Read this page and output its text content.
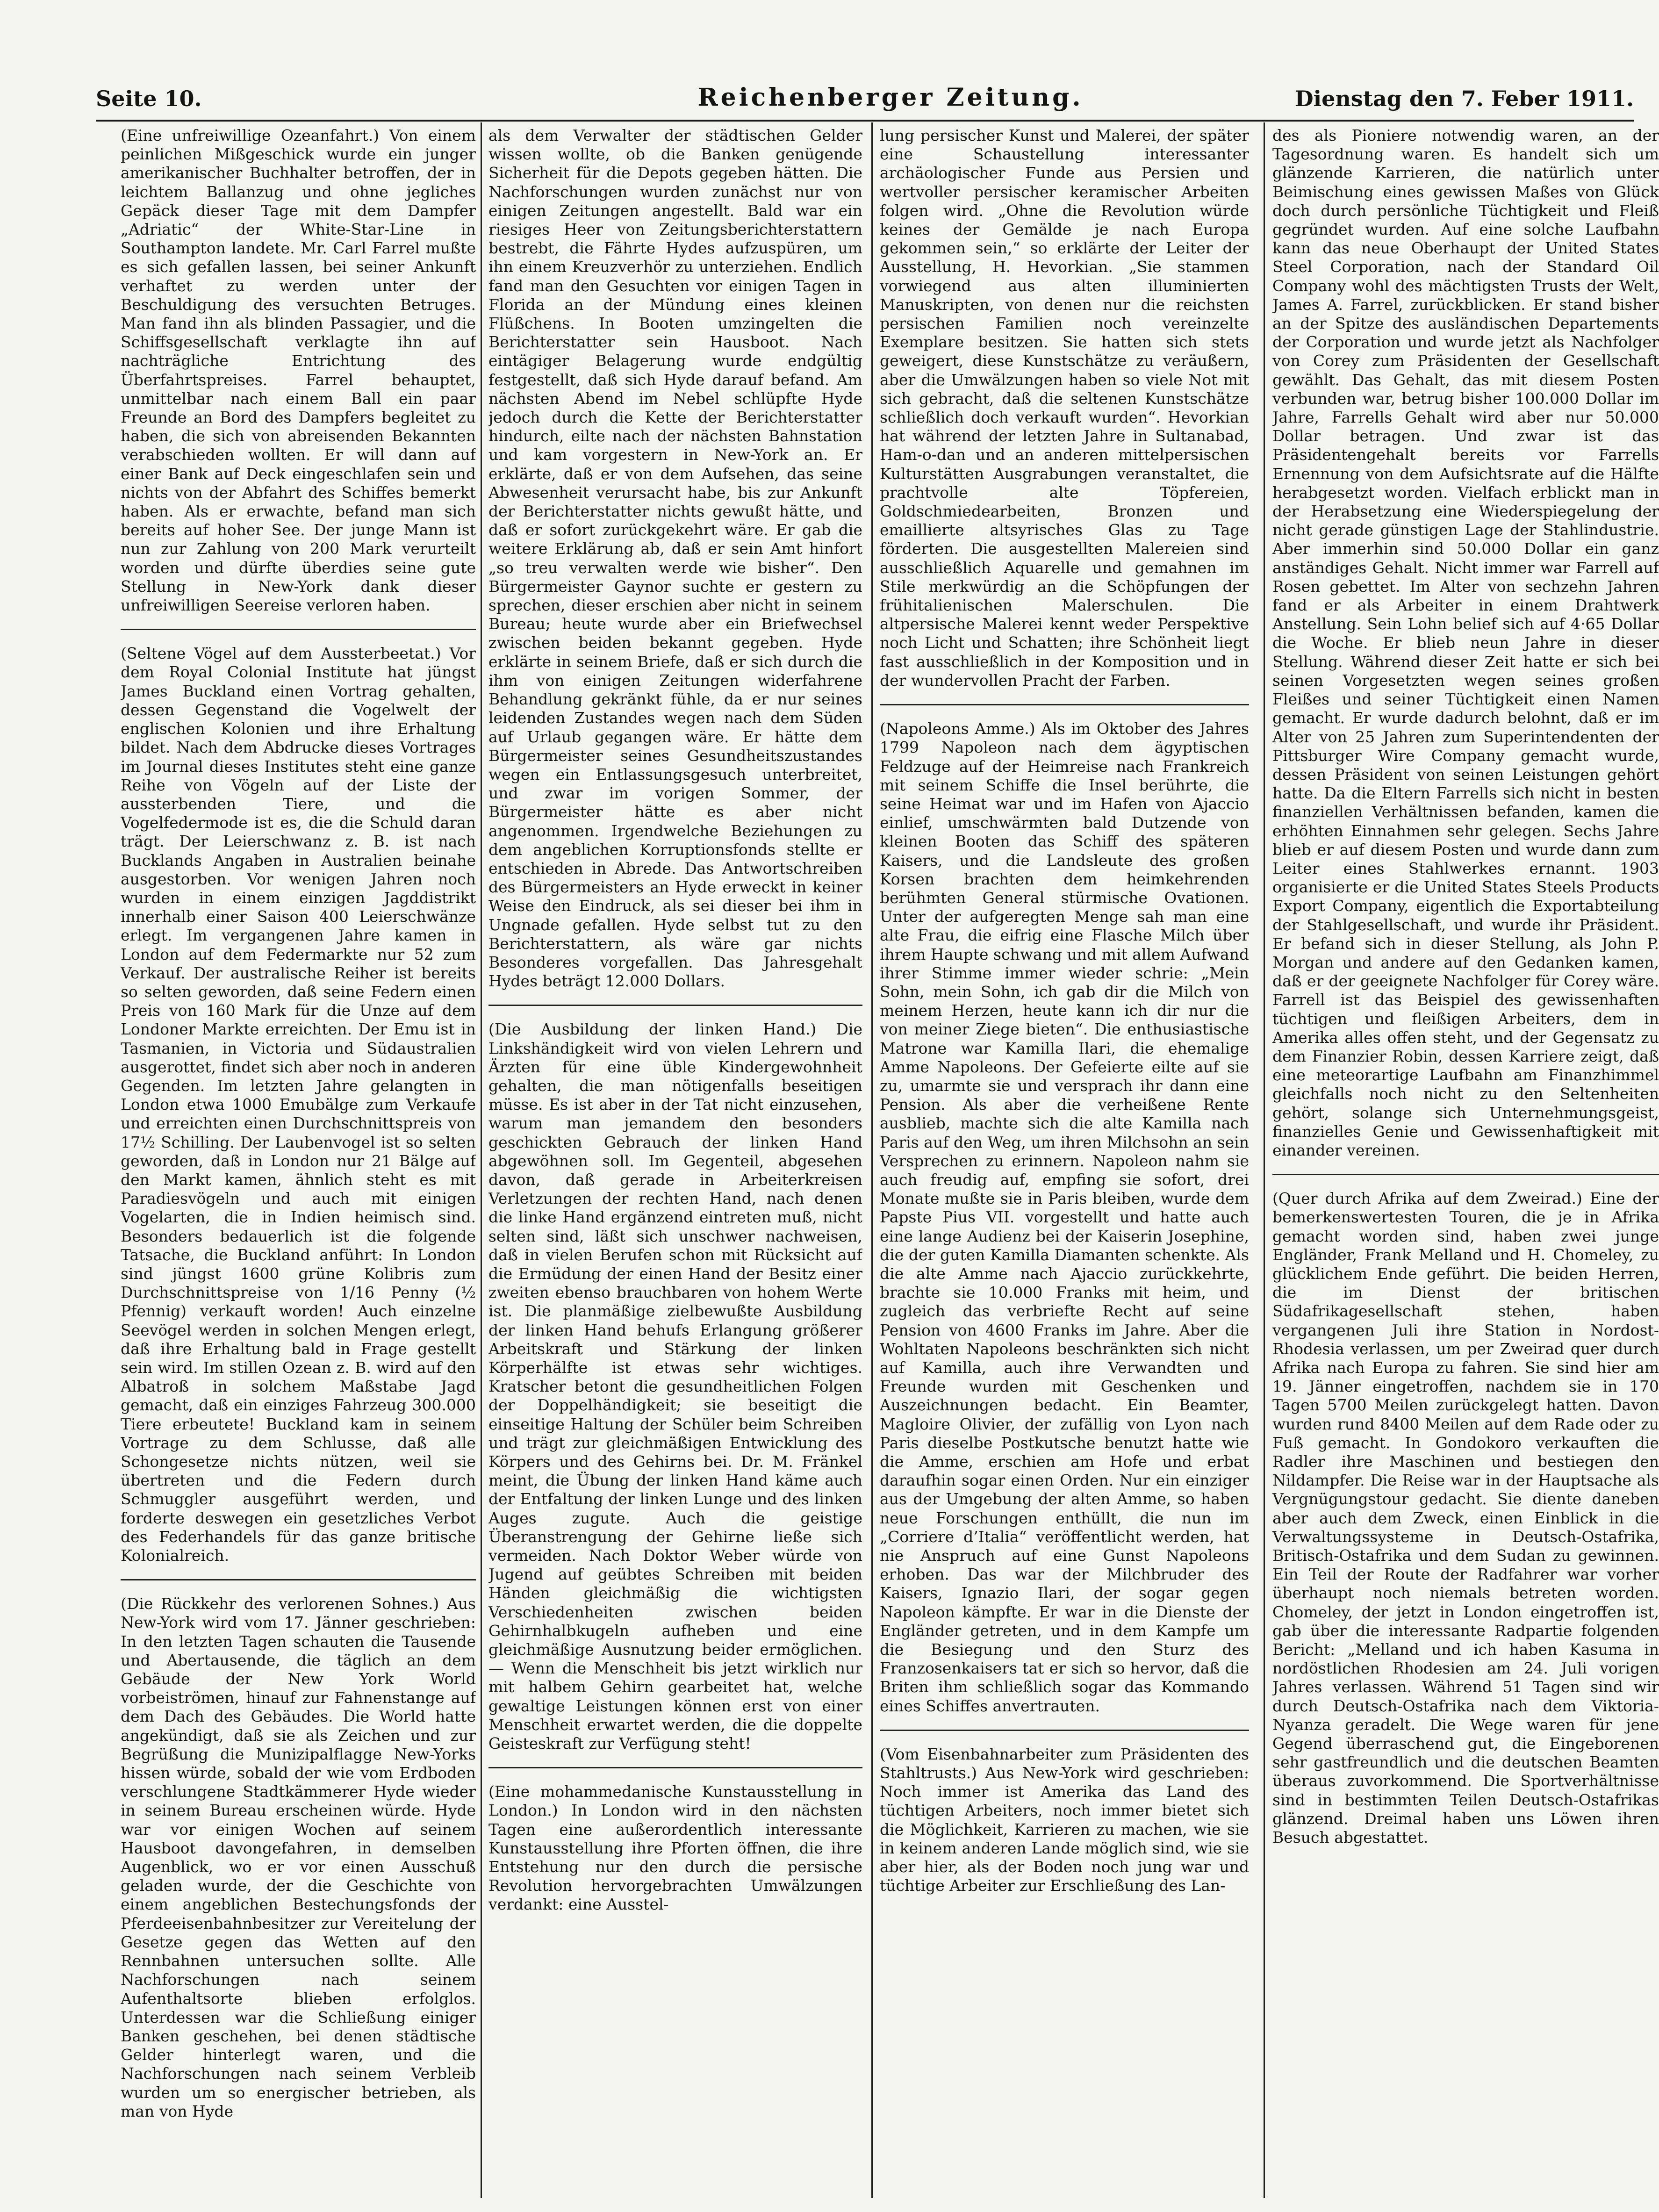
Seite 10.	Reichenberger Zeitung.	Dienstag den 7. Feber 1911.

(Eine unfreiwillige Ozeanfahrt.) Von einem peinlichen Mißgeschick wurde ein junger amerikanischer Buchhalter betroffen, der in leichtem Ballanzug und ohne jegliches Gepäck dieser Tage mit dem Dampfer „Adriatic“ der White-Star-Line in Southampton landete. Mr. Carl Farrel mußte es sich gefallen lassen, bei seiner Ankunft verhaftet zu werden unter der Beschuldigung des versuchten Betruges. Man fand ihn als blinden Passagier, und die Schiffsgesellschaft verklagte ihn auf nachträgliche Entrichtung des Überfahrtspreises. Farrel behauptet, unmittelbar nach einem Ball ein paar Freunde an Bord des Dampfers begleitet zu haben, die sich von abreisenden Bekannten verabschieden wollten. Er will dann auf einer Bank auf Deck eingeschlafen sein und nichts von der Abfahrt des Schiffes bemerkt haben. Als er erwachte, befand man sich bereits auf hoher See. Der junge Mann ist nun zur Zahlung von 200 Mark verurteilt worden und dürfte überdies seine gute Stellung in New-York dank dieser unfreiwilligen Seereise verloren haben.

(Seltene Vögel auf dem Aussterbeetat.) Vor dem Royal Colonial Institute hat jüngst James Buckland einen Vortrag gehalten, dessen Gegenstand die Vogelwelt der englischen Kolonien und ihre Erhaltung bildet. Nach dem Abdrucke dieses Vortrages im Journal dieses Institutes steht eine ganze Reihe von Vögeln auf der Liste der aussterbenden Tiere, und die Vogelfedermode ist es, die die Schuld daran trägt. Der Leierschwanz z. B. ist nach Bucklands Angaben in Australien beinahe ausgestorben. Vor wenigen Jahren noch wurden in einem einzigen Jagddistrikt innerhalb einer Saison 400 Leierschwänze erlegt. Im vergangenen Jahre kamen in London auf dem Federmarkte nur 52 zum Verkauf. Der australische Reiher ist bereits so selten geworden, daß seine Federn einen Preis von 160 Mark für die Unze auf dem Londoner Markte erreichten. Der Emu ist in Tasmanien, in Victoria und Südaustralien ausgerottet, findet sich aber noch in anderen Gegenden. Im letzten Jahre gelangten in London etwa 1000 Emubälge zum Verkaufe und erreichten einen Durchschnittspreis von 17½ Schilling. Der Laubenvogel ist so selten geworden, daß in London nur 21 Bälge auf den Markt kamen, ähnlich steht es mit Paradiesvögeln und auch mit einigen Vogelarten, die in Indien heimisch sind. Besonders bedauerlich ist die folgende Tatsache, die Buckland anführt: In London sind jüngst 1600 grüne Kolibris zum Durchschnittspreise von 1/16 Penny (½ Pfennig) verkauft worden! Auch einzelne Seevögel werden in solchen Mengen erlegt, daß ihre Erhaltung bald in Frage gestellt sein wird. Im stillen Ozean z. B. wird auf den Albatroß in solchem Maßstabe Jagd gemacht, daß ein einziges Fahrzeug 300.000 Tiere erbeutete! Buckland kam in seinem Vortrage zu dem Schlusse, daß alle Schongesetze nichts nützen, weil sie übertreten und die Federn durch Schmuggler ausgeführt werden, und forderte deswegen ein gesetzliches Verbot des Federhandels für das ganze britische Kolonialreich.

(Die Rückkehr des verlorenen Sohnes.) Aus New-York wird vom 17. Jänner geschrieben: In den letzten Tagen schauten die Tausende und Abertausende, die täglich an dem Gebäude der New York World vorbeiströmen, hinauf zur Fahnenstange auf dem Dach des Gebäudes. Die World hatte angekündigt, daß sie als Zeichen und zur Begrüßung die Munizipalflagge New-Yorks hissen würde, sobald der wie vom Erdboden verschlungene Stadtkämmerer Hyde wieder in seinem Bureau erscheinen würde. Hyde war vor einigen Wochen auf seinem Hausboot davongefahren, in demselben Augenblick, wo er vor einen Ausschuß geladen wurde, der die Geschichte von einem angeblichen Bestechungsfonds der Pferdeeisenbahnbesitzer zur Vereitelung der Gesetze gegen das Wetten auf den Rennbahnen untersuchen sollte. Alle Nachforschungen nach seinem Aufenthaltsorte blieben erfolglos. Unterdessen war die Schließung einiger Banken geschehen, bei denen städtische Gelder hinterlegt waren, und die Nachforschungen nach seinem Verbleib wurden um so energischer betrieben, als man von Hyde

als dem Verwalter der städtischen Gelder wissen wollte, ob die Banken genügende Sicherheit für die Depots gegeben hätten. Die Nachforschungen wurden zunächst nur von einigen Zeitungen angestellt. Bald war ein riesiges Heer von Zeitungsberichterstattern bestrebt, die Fährte Hydes aufzuspüren, um ihn einem Kreuzverhör zu unterziehen. Endlich fand man den Gesuchten vor einigen Tagen in Florida an der Mündung eines kleinen Flüßchens. In Booten umzingelten die Berichterstatter sein Hausboot. Nach eintägiger Belagerung wurde endgültig festgestellt, daß sich Hyde darauf befand. Am nächsten Abend im Nebel schlüpfte Hyde jedoch durch die Kette der Berichterstatter hindurch, eilte nach der nächsten Bahnstation und kam vorgestern in New-York an. Er erklärte, daß er von dem Aufsehen, das seine Abwesenheit verursacht habe, bis zur Ankunft der Berichterstatter nichts gewußt hätte, und daß er sofort zurückgekehrt wäre. Er gab die weitere Erklärung ab, daß er sein Amt hinfort „so treu verwalten werde wie bisher“. Den Bürgermeister Gaynor suchte er gestern zu sprechen, dieser erschien aber nicht in seinem Bureau; heute wurde aber ein Briefwechsel zwischen beiden bekannt gegeben. Hyde erklärte in seinem Briefe, daß er sich durch die ihm von einigen Zeitungen widerfahrene Behandlung gekränkt fühle, da er nur seines leidenden Zustandes wegen nach dem Süden auf Urlaub gegangen wäre. Er hätte dem Bürgermeister seines Gesundheitszustandes wegen ein Entlassungsgesuch unterbreitet, und zwar im vorigen Sommer, der Bürgermeister hätte es aber nicht angenommen. Irgendwelche Beziehungen zu dem angeblichen Korruptionsfonds stellte er entschieden in Abrede. Das Antwortschreiben des Bürgermeisters an Hyde erweckt in keiner Weise den Eindruck, als sei dieser bei ihm in Ungnade gefallen. Hyde selbst tut zu den Berichterstattern, als wäre gar nichts Besonderes vorgefallen. Das Jahresgehalt Hydes beträgt 12.000 Dollars.

(Die Ausbildung der linken Hand.) Die Linkshändigkeit wird von vielen Lehrern und Ärzten für eine üble Kindergewohnheit gehalten, die man nötigenfalls beseitigen müsse. Es ist aber in der Tat nicht einzusehen, warum man jemandem den besonders geschickten Gebrauch der linken Hand abgewöhnen soll. Im Gegenteil, abgesehen davon, daß gerade in Arbeiterkreisen Verletzungen der rechten Hand, nach denen die linke Hand ergänzend eintreten muß, nicht selten sind, läßt sich unschwer nachweisen, daß in vielen Berufen schon mit Rücksicht auf die Ermüdung der einen Hand der Besitz einer zweiten ebenso brauchbaren von hohem Werte ist. Die planmäßige zielbewußte Ausbildung der linken Hand behufs Erlangung größerer Arbeitskraft und Stärkung der linken Körperhälfte ist etwas sehr wichtiges. Kratscher betont die gesundheitlichen Folgen der Doppelhändigkeit; sie beseitigt die einseitige Haltung der Schüler beim Schreiben und trägt zur gleichmäßigen Entwicklung des Körpers und des Gehirns bei. Dr. M. Fränkel meint, die Übung der linken Hand käme auch der Entfaltung der linken Lunge und des linken Auges zugute. Auch die geistige Überanstrengung der Gehirne ließe sich vermeiden. Nach Doktor Weber würde von Jugend auf geübtes Schreiben mit beiden Händen gleichmäßig die wichtigsten Verschiedenheiten zwischen beiden Gehirnhalbkugeln aufheben und eine gleichmäßige Ausnutzung beider ermöglichen. — Wenn die Menschheit bis jetzt wirklich nur mit halbem Gehirn gearbeitet hat, welche gewaltige Leistungen können erst von einer Menschheit erwartet werden, die die doppelte Geisteskraft zur Verfügung steht!

(Eine mohammedanische Kunstausstellung in London.) In London wird in den nächsten Tagen eine außerordentlich interessante Kunstausstellung ihre Pforten öffnen, die ihre Entstehung nur den durch die persische Revolution hervorgebrachten Umwälzungen verdankt: eine Ausstel-

lung persischer Kunst und Malerei, der später eine Schaustellung interessanter archäologischer Funde aus Persien und wertvoller persischer keramischer Arbeiten folgen wird. „Ohne die Revolution würde keines der Gemälde je nach Europa gekommen sein,“ so erklärte der Leiter der Ausstellung, H. Hevorkian. „Sie stammen vorwiegend aus alten illuminierten Manuskripten, von denen nur die reichsten persischen Familien noch vereinzelte Exemplare besitzen. Sie hatten sich stets geweigert, diese Kunstschätze zu veräußern, aber die Umwälzungen haben so viele Not mit sich gebracht, daß die seltenen Kunstschätze schließlich doch verkauft wurden“. Hevorkian hat während der letzten Jahre in Sultanabad, Ham-o-dan und an anderen mittelpersischen Kulturstätten Ausgrabungen veranstaltet, die prachtvolle alte Töpfereien, Goldschmiedearbeiten, Bronzen und emaillierte altsyrisches Glas zu Tage förderten. Die ausgestellten Malereien sind ausschließlich Aquarelle und gemahnen im Stile merkwürdig an die Schöpfungen der frühitalienischen Malerschulen. Die altpersische Malerei kennt weder Perspektive noch Licht und Schatten; ihre Schönheit liegt fast ausschließlich in der Komposition und in der wundervollen Pracht der Farben.

(Napoleons Amme.) Als im Oktober des Jahres 1799 Napoleon nach dem ägyptischen Feldzuge auf der Heimreise nach Frankreich mit seinem Schiffe die Insel berührte, die seine Heimat war und im Hafen von Ajaccio einlief, umschwärmten bald Dutzende von kleinen Booten das Schiff des späteren Kaisers, und die Landsleute des großen Korsen brachten dem heimkehrenden berühmten General stürmische Ovationen. Unter der aufgeregten Menge sah man eine alte Frau, die eifrig eine Flasche Milch über ihrem Haupte schwang und mit allem Aufwand ihrer Stimme immer wieder schrie: „Mein Sohn, mein Sohn, ich gab dir die Milch von meinem Herzen, heute kann ich dir nur die von meiner Ziege bieten“. Die enthusiastische Matrone war Kamilla Ilari, die ehemalige Amme Napoleons. Der Gefeierte eilte auf sie zu, umarmte sie und versprach ihr dann eine Pension. Als aber die verheißene Rente ausblieb, machte sich die alte Kamilla nach Paris auf den Weg, um ihren Milchsohn an sein Versprechen zu erinnern. Napoleon nahm sie auch freudig auf, empfing sie sofort, drei Monate mußte sie in Paris bleiben, wurde dem Papste Pius VII. vorgestellt und hatte auch eine lange Audienz bei der Kaiserin Josephine, die der guten Kamilla Diamanten schenkte. Als die alte Amme nach Ajaccio zurückkehrte, brachte sie 10.000 Franks mit heim, und zugleich das verbriefte Recht auf seine Pension von 4600 Franks im Jahre. Aber die Wohltaten Napoleons beschränkten sich nicht auf Kamilla, auch ihre Verwandten und Freunde wurden mit Geschenken und Auszeichnungen bedacht. Ein Beamter, Magloire Olivier, der zufällig von Lyon nach Paris dieselbe Postkutsche benutzt hatte wie die Amme, erschien am Hofe und erbat daraufhin sogar einen Orden. Nur ein einziger aus der Umgebung der alten Amme, so haben neue Forschungen enthüllt, die nun im „Corriere d’Italia“ veröffentlicht werden, hat nie Anspruch auf eine Gunst Napoleons erhoben. Das war der Milchbruder des Kaisers, Ignazio Ilari, der sogar gegen Napoleon kämpfte. Er war in die Dienste der Engländer getreten, und in dem Kampfe um die Besiegung und den Sturz des Franzosenkaisers tat er sich so hervor, daß die Briten ihm schließlich sogar das Kommando eines Schiffes anvertrauten.

(Vom Eisenbahnarbeiter zum Präsidenten des Stahltrusts.) Aus New-York wird geschrieben: Noch immer ist Amerika das Land des tüchtigen Arbeiters, noch immer bietet sich die Möglichkeit, Karrieren zu machen, wie sie in keinem anderen Lande möglich sind, wie sie aber hier, als der Boden noch jung war und tüchtige Arbeiter zur Erschließung des Lan-

des als Pioniere notwendig waren, an der Tagesordnung waren. Es handelt sich um glänzende Karrieren, die natürlich unter Beimischung eines gewissen Maßes von Glück doch durch persönliche Tüchtigkeit und Fleiß gegründet wurden. Auf eine solche Laufbahn kann das neue Oberhaupt der United States Steel Corporation, nach der Standard Oil Company wohl des mächtigsten Trusts der Welt, James A. Farrel, zurückblicken. Er stand bisher an der Spitze des ausländischen Departements der Corporation und wurde jetzt als Nachfolger von Corey zum Präsidenten der Gesellschaft gewählt. Das Gehalt, das mit diesem Posten verbunden war, betrug bisher 100.000 Dollar im Jahre, Farrells Gehalt wird aber nur 50.000 Dollar betragen. Und zwar ist das Präsidentengehalt bereits vor Farrells Ernennung von dem Aufsichtsrate auf die Hälfte herabgesetzt worden. Vielfach erblickt man in der Herabsetzung eine Wiederspiegelung der nicht gerade günstigen Lage der Stahlindustrie. Aber immerhin sind 50.000 Dollar ein ganz anständiges Gehalt. Nicht immer war Farrell auf Rosen gebettet. Im Alter von sechzehn Jahren fand er als Arbeiter in einem Drahtwerk Anstellung. Sein Lohn belief sich auf 4·65 Dollar die Woche. Er blieb neun Jahre in dieser Stellung. Während dieser Zeit hatte er sich bei seinen Vorgesetzten wegen seines großen Fleißes und seiner Tüchtigkeit einen Namen gemacht. Er wurde dadurch belohnt, daß er im Alter von 25 Jahren zum Superintendenten der Pittsburger Wire Company gemacht wurde, dessen Präsident von seinen Leistungen gehört hatte. Da die Eltern Farrells sich nicht in besten finanziellen Verhältnissen befanden, kamen die erhöhten Einnahmen sehr gelegen. Sechs Jahre blieb er auf diesem Posten und wurde dann zum Leiter eines Stahlwerkes ernannt. 1903 organisierte er die United States Steels Products Export Company, eigentlich die Exportabteilung der Stahlgesellschaft, und wurde ihr Präsident. Er befand sich in dieser Stellung, als John P. Morgan und andere auf den Gedanken kamen, daß er der geeignete Nachfolger für Corey wäre. Farrell ist das Beispiel des gewissenhaften tüchtigen und fleißigen Arbeiters, dem in Amerika alles offen steht, und der Gegensatz zu dem Finanzier Robin, dessen Karriere zeigt, daß eine meteorartige Laufbahn am Finanzhimmel gleichfalls noch nicht zu den Seltenheiten gehört, solange sich Unternehmungsgeist, finanzielles Genie und Gewissenhaftigkeit mit einander vereinen.

(Quer durch Afrika auf dem Zweirad.) Eine der bemerkenswertesten Touren, die je in Afrika gemacht worden sind, haben zwei junge Engländer, Frank Melland und H. Chomeley, zu glücklichem Ende geführt. Die beiden Herren, die im Dienst der britischen Südafrikagesellschaft stehen, haben vergangenen Juli ihre Station in Nordost-Rhodesia verlassen, um per Zweirad quer durch Afrika nach Europa zu fahren. Sie sind hier am 19. Jänner eingetroffen, nachdem sie in 170 Tagen 5700 Meilen zurückgelegt hatten. Davon wurden rund 8400 Meilen auf dem Rade oder zu Fuß gemacht. In Gondokoro verkauften die Radler ihre Maschinen und bestiegen den Nildampfer. Die Reise war in der Hauptsache als Vergnügungstour gedacht. Sie diente daneben aber auch dem Zweck, einen Einblick in die Verwaltungssysteme in Deutsch-Ostafrika, Britisch-Ostafrika und dem Sudan zu gewinnen. Ein Teil der Route der Radfahrer war vorher überhaupt noch niemals betreten worden. Chomeley, der jetzt in London eingetroffen ist, gab über die interessante Radpartie folgenden Bericht: „Melland und ich haben Kasuma in nordöstlichen Rhodesien am 24. Juli vorigen Jahres verlassen. Während 51 Tagen sind wir durch Deutsch-Ostafrika nach dem Viktoria-Nyanza geradelt. Die Wege waren für jene Gegend überraschend gut, die Eingeborenen sehr gastfreundlich und die deutschen Beamten überaus zuvorkommend. Die Sportverhältnisse sind in bestimmten Teilen Deutsch-Ostafrikas glänzend. Dreimal haben uns Löwen ihren Besuch abgestattet.
